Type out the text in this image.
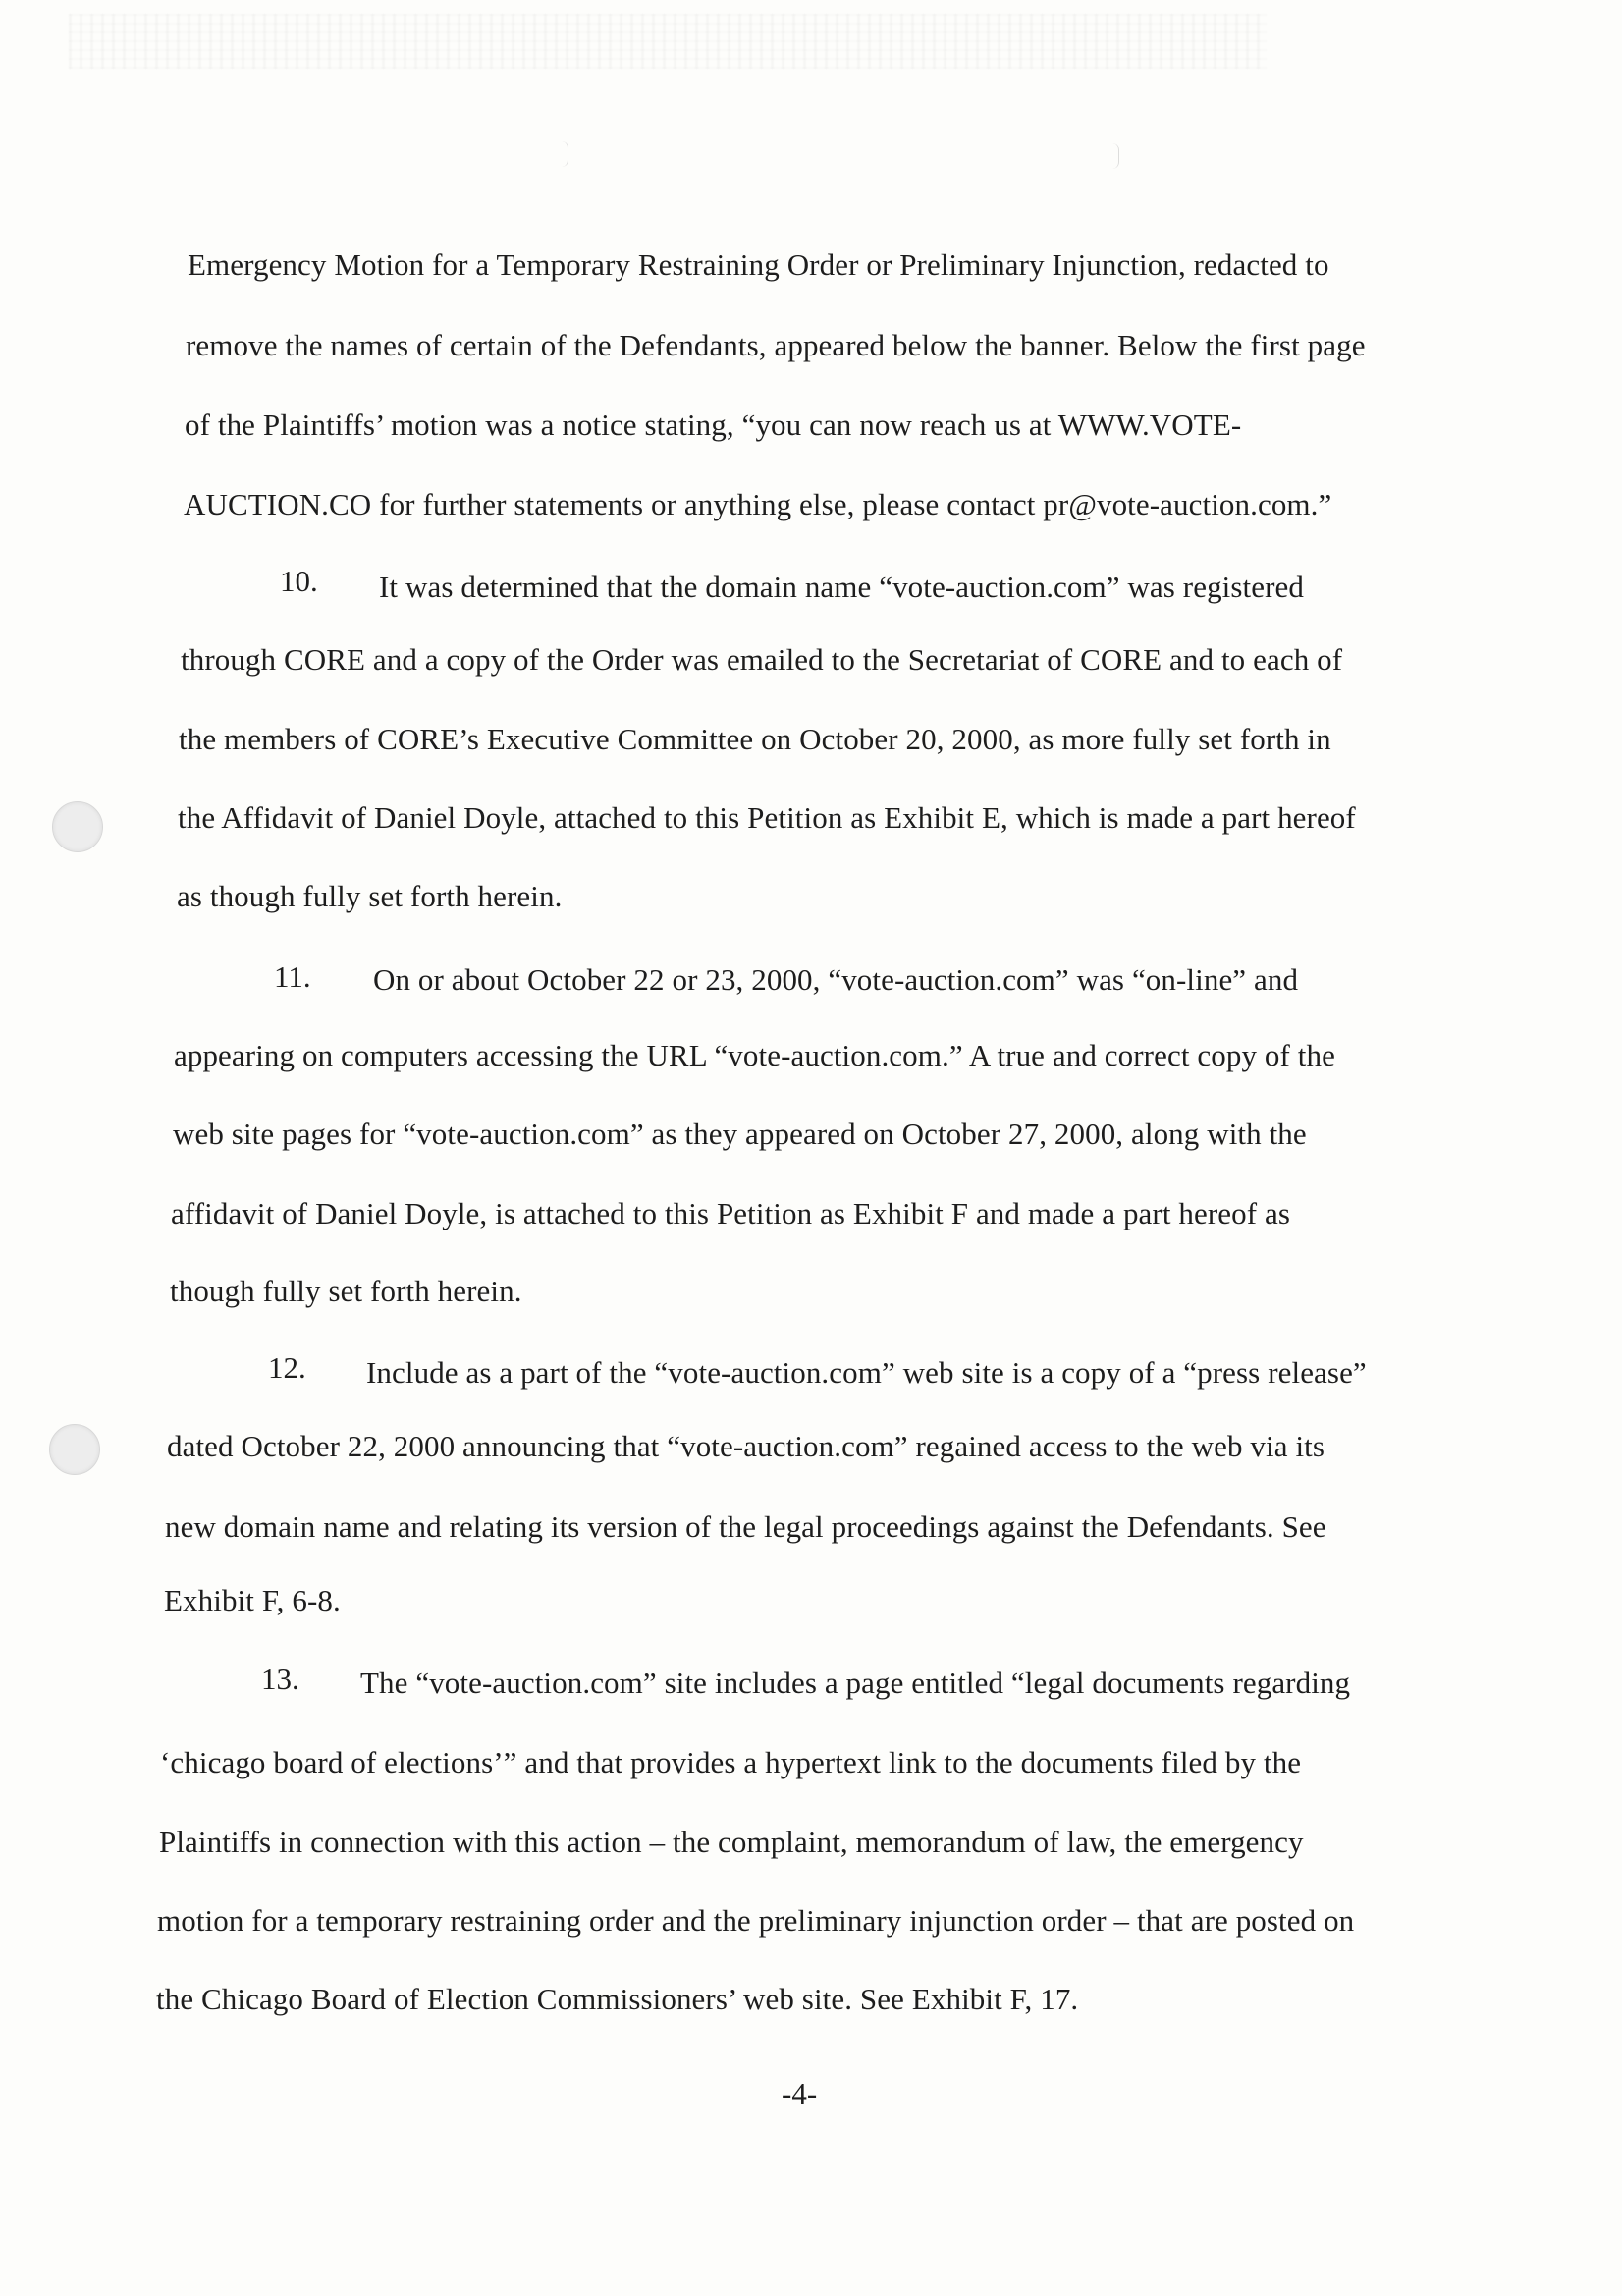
Emergency Motion for a Temporary Restraining Order or Preliminary Injunction, redacted to
remove the names of certain of the Defendants, appeared below the banner. Below the first page
of the Plaintiffs’ motion was a notice stating, “you can now reach us at WWW.VOTE-
AUCTION.CO for further statements or anything else, please contact pr@vote-auction.com.”
10. It was determined that the domain name “vote-auction.com” was registered
through CORE and a copy of the Order was emailed to the Secretariat of CORE and to each of
the members of CORE’s Executive Committee on October 20, 2000, as more fully set forth in
the Affidavit of Daniel Doyle, attached to this Petition as Exhibit E, which is made a part hereof
as though fully set forth herein.
11. On or about October 22 or 23, 2000, “vote-auction.com” was “on-line” and
appearing on computers accessing the URL “vote-auction.com.” A true and correct copy of the
web site pages for “vote-auction.com” as they appeared on October 27, 2000, along with the
affidavit of Daniel Doyle, is attached to this Petition as Exhibit F and made a part hereof as
though fully set forth herein.
12. Include as a part of the “vote-auction.com” web site is a copy of a “press release”
dated October 22, 2000 announcing that “vote-auction.com” regained access to the web via its
new domain name and relating its version of the legal proceedings against the Defendants. See
Exhibit F, 6-8.
13. The “vote-auction.com” site includes a page entitled “legal documents regarding
‘chicago board of elections’” and that provides a hypertext link to the documents filed by the
Plaintiffs in connection with this action – the complaint, memorandum of law, the emergency
motion for a temporary restraining order and the preliminary injunction order – that are posted on
the Chicago Board of Election Commissioners’ web site. See Exhibit F, 17.
-4-
